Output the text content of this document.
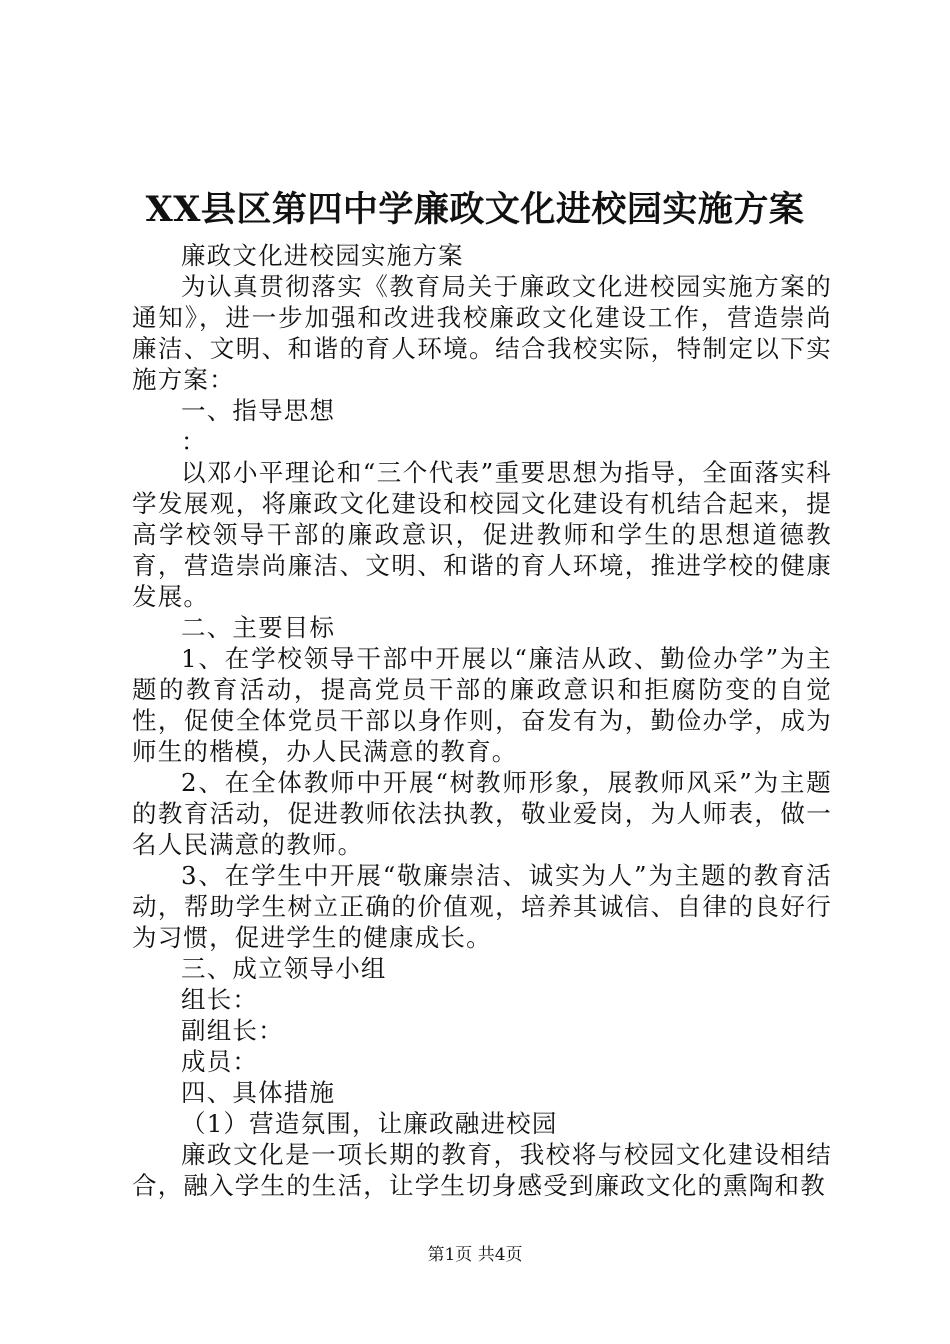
XX县区第四中学廉政文化进校园实施方案

廉政文化进校园实施方案

为认真贯彻落实《教育局关于廉政文化进校园实施方案的通知》，进一步加强和改进我校廉政文化建设工作，营造崇尚廉洁、文明、和谐的育人环境。结合我校实际，特制定以下实施方案：

一、指导思想

：

以邓小平理论和“三个代表”重要思想为指导，全面落实科学发展观，将廉政文化建设和校园文化建设有机结合起来，提高学校领导干部的廉政意识，促进教师和学生的思想道德教育，营造崇尚廉洁、文明、和谐的育人环境，推进学校的健康发展。

二、主要目标

1、在学校领导干部中开展以“廉洁从政、勤俭办学”为主题的教育活动，提高党员干部的廉政意识和拒腐防变的自觉性，促使全体党员干部以身作则，奋发有为，勤俭办学，成为师生的楷模，办人民满意的教育。

2、在全体教师中开展“树教师形象，展教师风采”为主题的教育活动，促进教师依法执教，敬业爱岗，为人师表，做一名人民满意的教师。

3、在学生中开展“敬廉崇洁、诚实为人”为主题的教育活动，帮助学生树立正确的价值观，培养其诚信、自律的良好行为习惯，促进学生的健康成长。

三、成立领导小组

组长：

副组长：

成员：

四、具体措施

（1）营造氛围，让廉政融进校园

廉政文化是一项长期的教育，我校将与校园文化建设相结合，融入学生的生活，让学生切身感受到廉政文化的熏陶和教

第1页 共4页
